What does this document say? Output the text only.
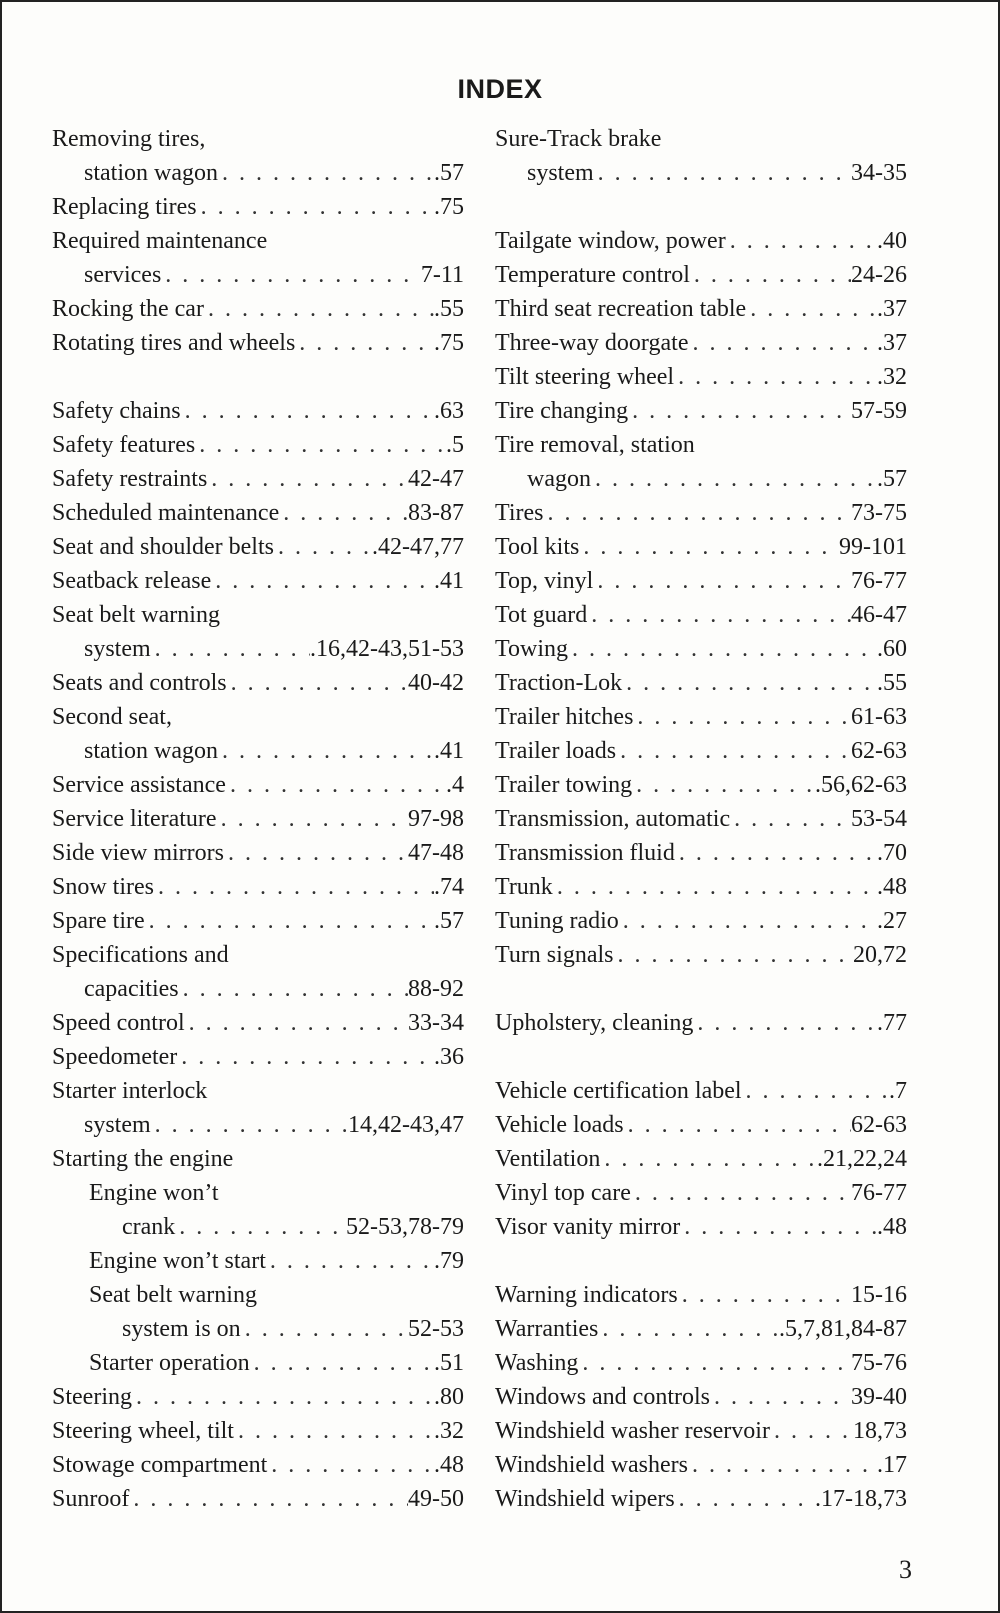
INDEX
Removing tires,
station wagon . . .	.57
Replacing tires . . .	.75
Required maintenance
services . . .	7-11
Rocking the car . . .	.55
Rotating tires and wheels . . .	.75
Safety chains . . .	.63
Safety features . . .	.5
Safety restraints . . .	42-47
Scheduled maintenance . . .	83-87
Seat and shoulder belts . . .	.42-47,77
Seatback release . . .	.41
Seat belt warning
system . . .	.16,42-43,51-53
Seats and controls . . .	40-42
Second seat,
station wagon . . .	.41
Service assistance . . .	.4
Service literature . . .	97-98
Side view mirrors . . .	47-48
Snow tires . . .	.74
Spare tire . . .	.57
Specifications and
capacities . . .	88-92
Speed control . . .	33-34
Speedometer . . .	.36
Starter interlock
system . . .	14,42-43,47
Starting the engine
Engine won’t
crank . . .	52-53,78-79
Engine won’t start . . .	.79
Seat belt warning
system is on . . .	52-53
Starter operation . . .	.51
Steering . . .	.80
Steering wheel, tilt . . .	.32
Stowage compartment . . .	.48
Sunroof . . .	49-50
Sure-Track brake
system . . .	34-35
Tailgate window, power . . .	.40
Temperature control . . .	24-26
Third seat recreation table . . .	.37
Three-way doorgate . . .	.37
Tilt steering wheel . . .	.32
Tire changing . . .	57-59
Tire removal, station
wagon . . .	.57
Tires . . .	73-75
Tool kits . . .	99-101
Top, vinyl . . .	76-77
Tot guard . . .	46-47
Towing . . .	.60
Traction-Lok . . .	.55
Trailer hitches . . .	61-63
Trailer loads . . .	62-63
Trailer towing . . .	.56,62-63
Transmission, automatic . . .	53-54
Transmission fluid . . .	.70
Trunk . . .	.48
Tuning radio . . .	.27
Turn signals . . .	20,72
Upholstery, cleaning . . .	.77
Vehicle certification label . . .	.7
Vehicle loads . . .	62-63
Ventilation . . .	.21,22,24
Vinyl top care . . .	76-77
Visor vanity mirror . . .	.48
Warning indicators . . .	15-16
Warranties . . .	.5,7,81,84-87
Washing . . .	75-76
Windows and controls . . .	39-40
Windshield washer reservoir . . .	18,73
Windshield washers . . .	.17
Windshield wipers . . .	.17-18,73
3
